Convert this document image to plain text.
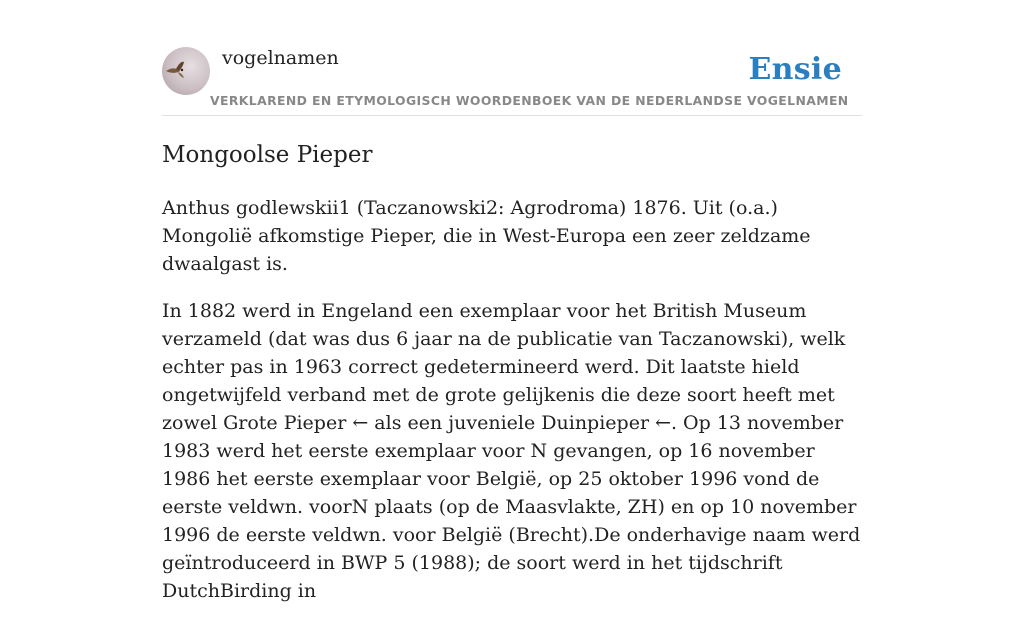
vogelnamen	Ensie
VERKLAREND EN ETYMOLOGISCH WOORDENBOEK VAN DE NEDERLANDSE VOGELNAMEN
Mongoolse Pieper

Anthus godlewskii1 (Taczanowski2: Agrodroma) 1876. Uit (o.a.) Mongolië afkomstige Pieper, die in West-Europa een zeer zeldzame dwaalgast is.

In 1882 werd in Engeland een exemplaar voor het British Museum verzameld (dat was dus 6 jaar na de publicatie van Taczanowski), welk echter pas in 1963 correct gedetermineerd werd. Dit laatste hield ongetwijfeld verband met de grote gelijkenis die deze soort heeft met zowel Grote Pieper ← als een juveniele Duinpieper ←. Op 13 november 1983 werd het eerste exemplaar voor N gevangen, op 16 november 1986 het eerste exemplaar voor België, op 25 oktober 1996 vond de eerste veldwn. voorN plaats (op de Maasvlakte, ZH) en op 10 november 1996 de eerste veldwn. voor België (Brecht).De onderhavige naam werd geïntroduceerd in BWP 5 (1988); de soort werd in het tijdschrift DutchBirding in
